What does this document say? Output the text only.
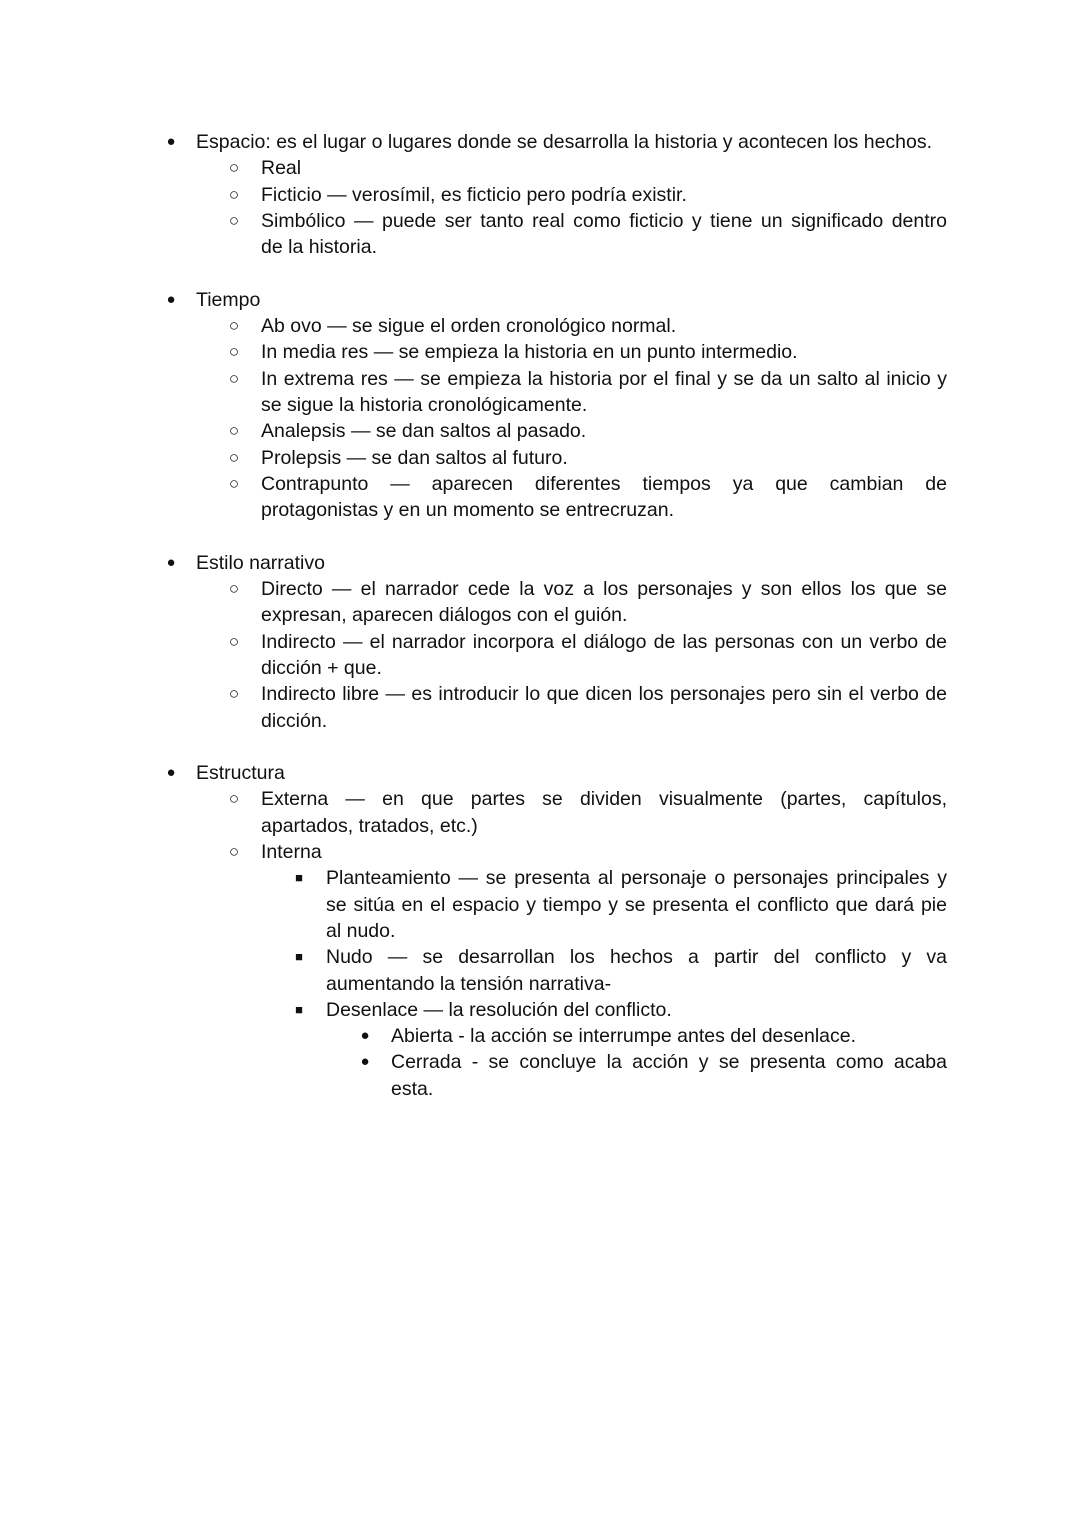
● Espacio: es el lugar o lugares donde se desarrolla la historia y acontecen los hechos.
○ Real
○ Ficticio — verosímil, es ficticio pero podría existir.
○ Simbólico — puede ser tanto real como ficticio y tiene un significado dentro
de la historia.
● Tiempo
○ Ab ovo — se sigue el orden cronológico normal.
○ In media res — se empieza la historia en un punto intermedio.
○ In extrema res — se empieza la historia por el final y se da un salto al inicio y
se sigue la historia cronológicamente.
○ Analepsis — se dan saltos al pasado.
○ Prolepsis — se dan saltos al futuro.
○ Contrapunto — aparecen diferentes tiempos ya que cambian de
protagonistas y en un momento se entrecruzan.
● Estilo narrativo
○ Directo — el narrador cede la voz a los personajes y son ellos los que se
expresan, aparecen diálogos con el guión.
○ Indirecto — el narrador incorpora el diálogo de las personas con un verbo de
dicción + que.
○ Indirecto libre — es introducir lo que dicen los personajes pero sin el verbo de
dicción.
● Estructura
○ Externa — en que partes se dividen visualmente (partes, capítulos,
apartados, tratados, etc.)
○ Interna
■	Planteamiento — se presenta al personaje o personajes principales y
se sitúa en el espacio y tiempo y se presenta el conflicto que dará pie
al nudo.
■	Nudo — se desarrollan los hechos a partir del conflicto y va
aumentando la tensión narrativa-
■	Desenlace — la resolución del conflicto.
● Abierta - la acción se interrumpe antes del desenlace.
● Cerrada - se concluye la acción y se presenta como acaba
esta.
